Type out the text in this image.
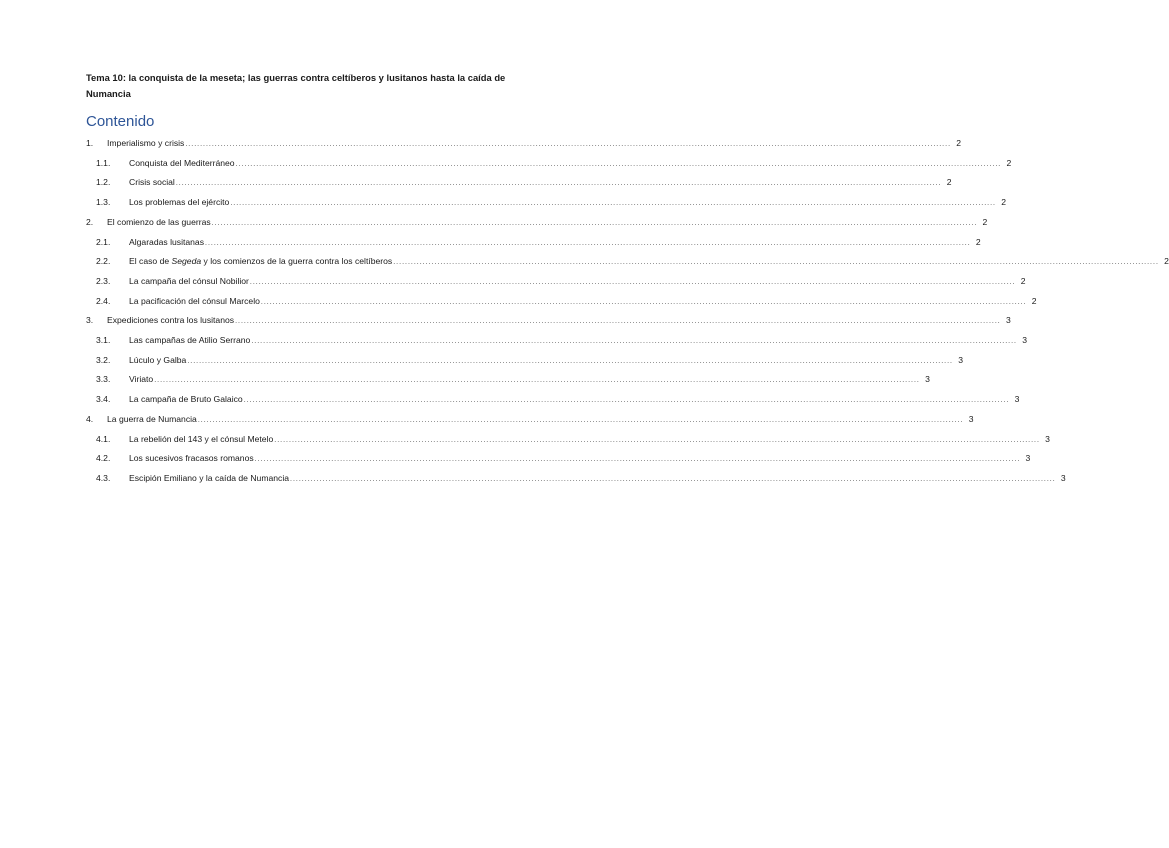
Tema 10: la conquista de la meseta; las guerras contra celtíberos y lusitanos hasta la caída de Numancia
Contenido
1.	Imperialismo y crisis .................................................................................................................................................................................................................................................................... 2
1.1.	Conquista del Mediterráneo .................................................................................................................................................................................................................................................................... 2
1.2.	Crisis social .................................................................................................................................................................................................................................................................... 2
1.3.	Los problemas del ejército .................................................................................................................................................................................................................................................................... 2
2.	El comienzo de las guerras .................................................................................................................................................................................................................................................................... 2
2.1.	Algaradas lusitanas .................................................................................................................................................................................................................................................................... 2
2.2.	El caso de Segeda y los comienzos de la guerra contra los celtíberos .................................................................................................................................................................................................................................................................... 2
2.3.	La campaña del cónsul Nobilior .................................................................................................................................................................................................................................................................... 2
2.4.	La pacificación del cónsul Marcelo .................................................................................................................................................................................................................................................................... 2
3.	Expediciones contra los lusitanos .................................................................................................................................................................................................................................................................... 3
3.1.	Las campañas de Atilio Serrano .................................................................................................................................................................................................................................................................... 3
3.2.	Lúculo y Galba .................................................................................................................................................................................................................................................................... 3
3.3.	Viriato .................................................................................................................................................................................................................................................................... 3
3.4.	La campaña de Bruto Galaico .................................................................................................................................................................................................................................................................... 3
4.	La guerra de Numancia .................................................................................................................................................................................................................................................................... 3
4.1.	La rebelión del 143 y el cónsul Metelo .................................................................................................................................................................................................................................................................... 3
4.2.	Los sucesivos fracasos romanos .................................................................................................................................................................................................................................................................... 3
4.3.	Escipión Emiliano y la caída de Numancia .................................................................................................................................................................................................................................................................... 3
